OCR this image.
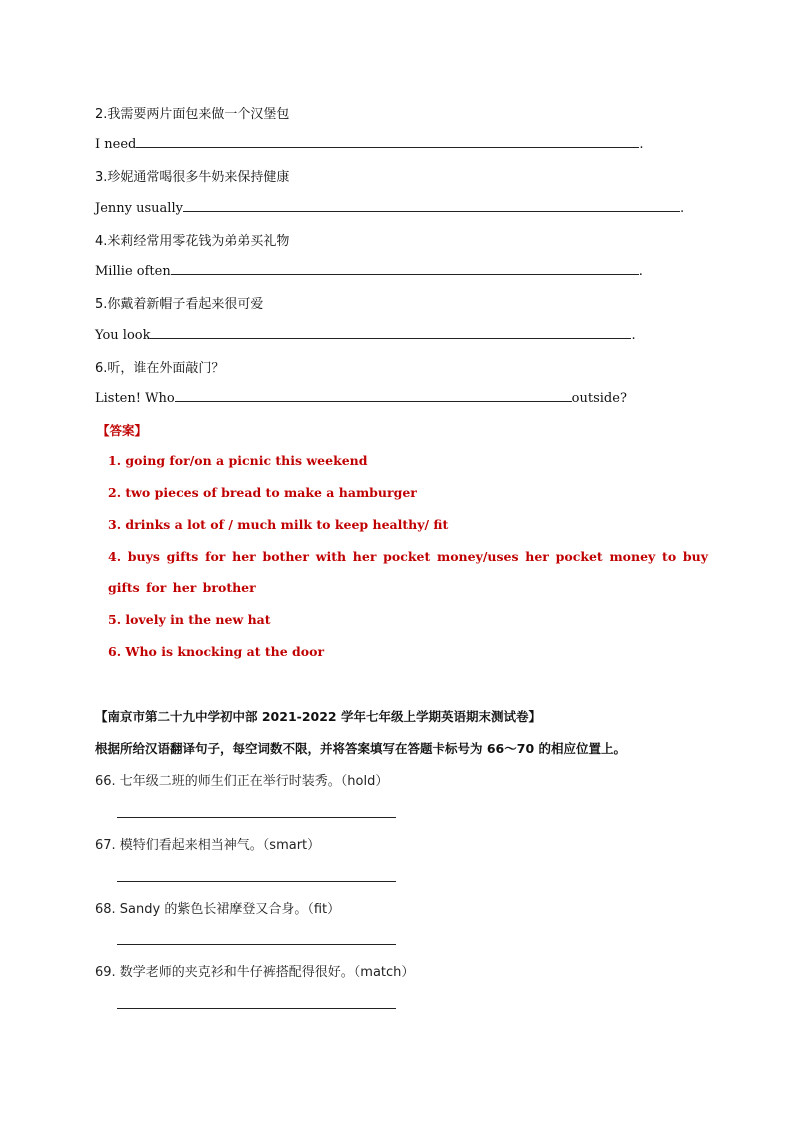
2.我需要两片面包来做一个汉堡包
I need	.
3.珍妮通常喝很多牛奶来保持健康
Jenny usually	.
4.米莉经常用零花钱为弟弟买礼物
Millie often	.
5.你戴着新帽子看起来很可爱
You look	.
6.听，谁在外面敲门？
Listen! Who	outside?
【答案】
1. going for/on a picnic this weekend
2. two pieces of bread to make a hamburger
3. drinks a lot of / much milk to keep healthy/ fit
4. buys gifts for her bother with her pocket money/uses her pocket money to buy gifts for her brother
5. lovely in the new hat
6. Who is knocking at the door
【南京市第二十九中学初中部 2021-2022 学年七年级上学期英语期末测试卷】
根据所给汉语翻译句子，每空词数不限，并将答案填写在答题卡标号为 66～70 的相应位置上。
66. 七年级二班的师生们正在举行时装秀。（hold）
67. 模特们看起来相当神气。（smart）
68. Sandy 的紫色长裙摩登又合身。（fit）
69. 数学老师的夹克衫和牛仔裤搭配得很好。（match）
